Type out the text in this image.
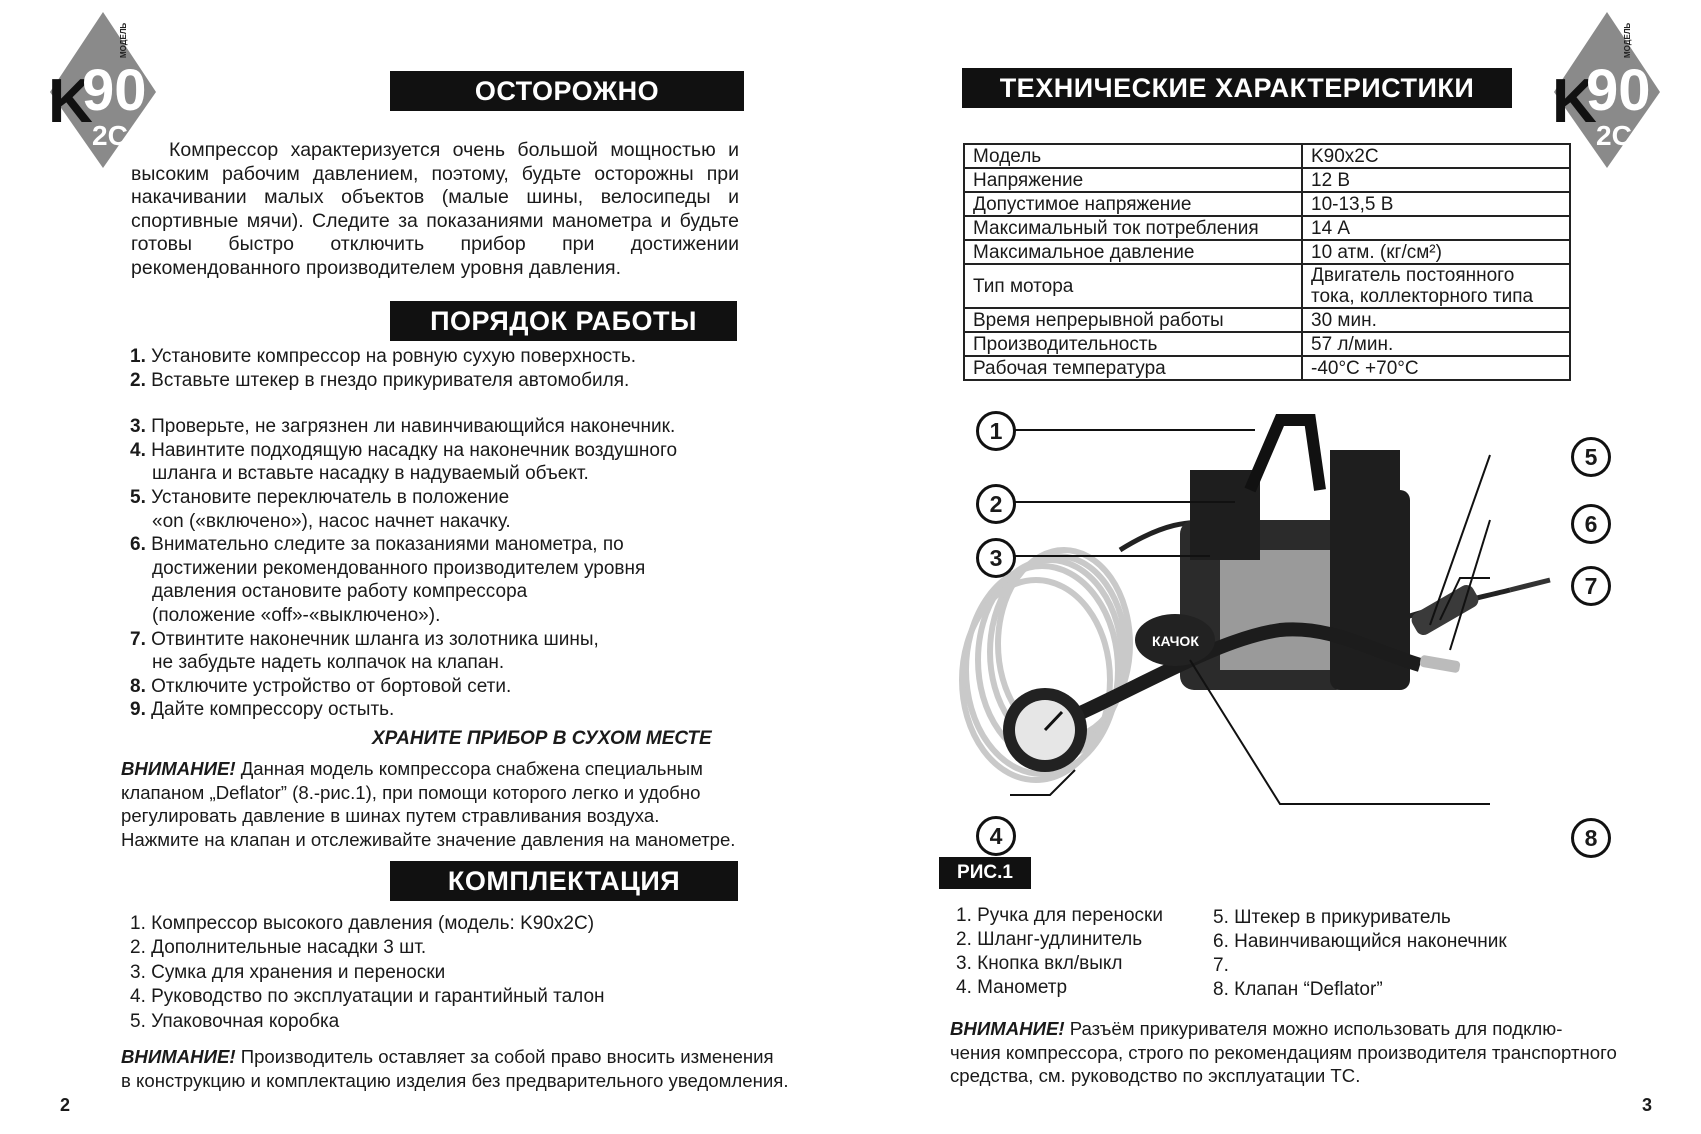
МОДЕЛЬ
K
90
2C
ОСТОРОЖНО
Компрессор характеризуется очень большой мощностью и высоким рабочим давлением, поэтому, будьте осторожны при накачивании малых объектов (малые шины, велосипеды и спортивные мячи). Следите за показаниями манометра и будьте готовы быстро отключить прибор при достижении рекомендованного производителем уровня давления.
ПОРЯДОК РАБОТЫ
1. Установите компрессор на ровную сухую поверхность.
2. Вставьте штекер в гнездо прикуривателя автомобиля.
3. Проверьте, не загрязнен ли навинчивающийся наконечник.
4. Навинтите подходящую насадку на наконечник воздушного
шланга и вставьте насадку в надуваемый объект.
5. Установите переключатель в положение
«on («включено»), насос начнет накачку.
6. Внимательно следите за показаниями манометра, по
достижении рекомендованного производителем уровня
давления остановите работу компрессора
(положение «off»-«выключено»).
7. Отвинтите наконечник шланга из золотника шины,
не забудьте надеть колпачок на клапан.
8. Отключите устройство от бортовой сети.
9. Дайте компрессору остыть.
ХРАНИТЕ ПРИБОР В СУХОМ МЕСТЕ
ВНИМАНИЕ! Данная модель компрессора снабжена специальным
клапаном „Deflator” (8.-рис.1), при помощи которого легко и удобно
регулировать давление в шинах путем стравливания воздуха.
Нажмите на клапан и отслеживайте значение давления на манометре.
КОМПЛЕКТАЦИЯ
1. Компрессор высокого давления (модель: K90x2C)
2. Дополнительные насадки 3 шт.
3. Сумка для хранения и переноски
4. Руководство по эксплуатации и гарантийный талон
5. Упаковочная коробка
ВНИМАНИЕ! Производитель оставляет за собой право вносить изменения
в конструкцию и комплектацию изделия без предварительного уведомления.
2
ТЕХНИЧЕСКИЕ ХАРАКТЕРИСТИКИ
МОДЕЛЬ
K
90
2C
Модель	K90x2C
Напряжение	12 В
Допустимое напряжение	10-13,5 В
Максимальный ток потребления	14 А
Максимальное давление	10 атм. (кг/см²)
Тип мотора	Двигатель постоянного тока, коллекторного типа
Время непрерывной работы	30 мин.
Производительность	57 л/мин.
Рабочая температура	-40°С +70°С
КАЧОК
1
2
3
4
5
6
7
8
РИС.1
1. Ручка для переноски
2. Шланг-удлинитель
3. Кнопка вкл/выкл
4. Манометр
5. Штекер в прикуриватель
6. Навинчивающийся наконечник
7.
8. Клапан “Deflator”
ВНИМАНИЕ! Разъём прикуривателя можно использовать для подклю-
чения компрессора, строго по рекомендациям производителя транспортного
средства, см. руководство по эксплуатации ТС.
3
